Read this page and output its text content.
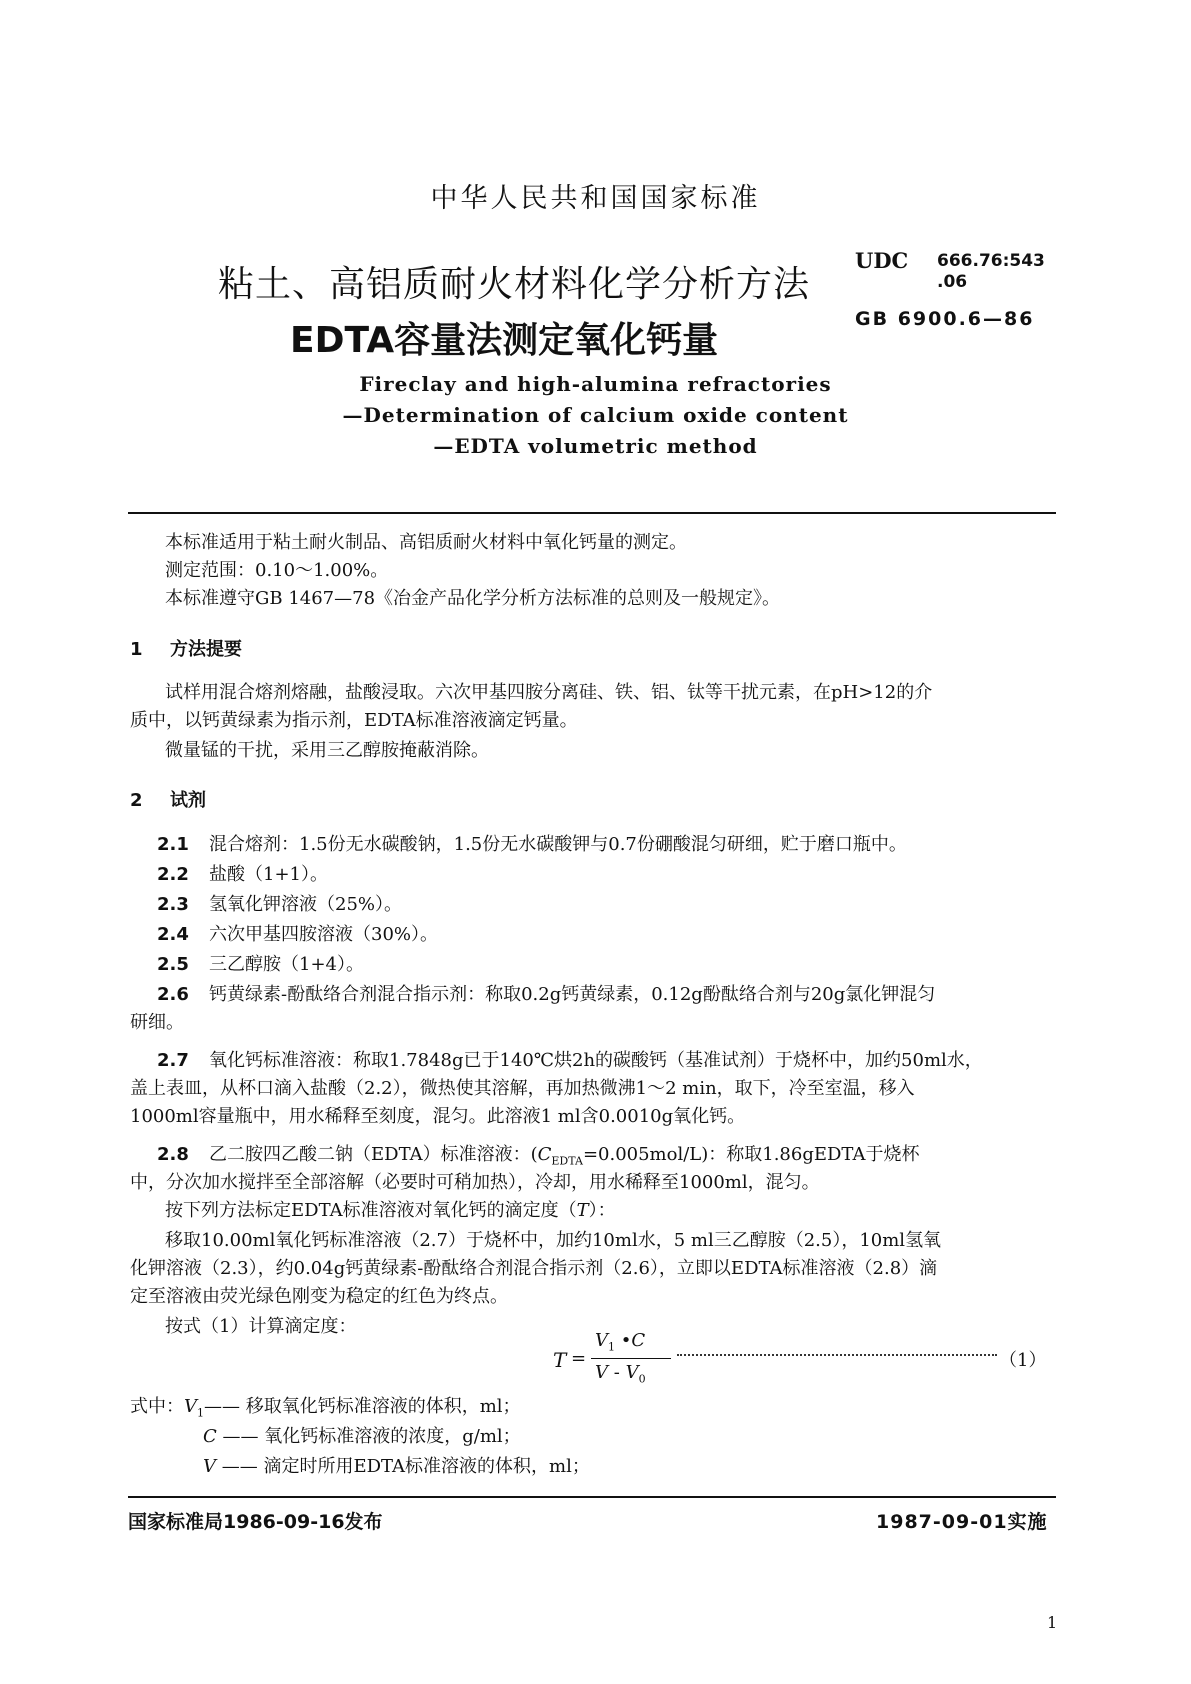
中华人民共和国国家标准
粘土、高铝质耐火材料化学分析方法
EDTA容量法测定氧化钙量
UDC 666.76:543
.06
GB 6900.6—86
Fireclay and high-alumina refractories
—Determination of calcium oxide content
—EDTA volumetric method
本标准适用于粘土耐火制品、高铝质耐火材料中氧化钙量的测定。
测定范围：0.10～1.00%。
本标准遵守GB 1467—78《冶金产品化学分析方法标准的总则及一般规定》。
1 方法提要
试样用混合熔剂熔融，盐酸浸取。六次甲基四胺分离硅、铁、铝、钛等干扰元素，在pH>12的介
质中，以钙黄绿素为指示剂，EDTA标准溶液滴定钙量。
微量锰的干扰，采用三乙醇胺掩蔽消除。
2 试剂
2.1 混合熔剂：1.5份无水碳酸钠，1.5份无水碳酸钾与0.7份硼酸混匀研细，贮于磨口瓶中。
2.2 盐酸（1+1）。
2.3 氢氧化钾溶液（25%）。
2.4 六次甲基四胺溶液（30%）。
2.5 三乙醇胺（1+4）。
2.6 钙黄绿素-酚酞络合剂混合指示剂：称取0.2g钙黄绿素，0.12g酚酞络合剂与20g氯化钾混匀
研细。
2.7 氧化钙标准溶液：称取1.7848g已于140℃烘2h的碳酸钙（基准试剂）于烧杯中，加约50ml水，
盖上表皿，从杯口滴入盐酸（2.2），微热使其溶解，再加热微沸1～2 min，取下，冷至室温，移入
1000ml容量瓶中，用水稀释至刻度，混匀。此溶液1 ml含0.0010g氧化钙。
2.8 乙二胺四乙酸二钠（EDTA）标准溶液：$(C_{EDTA}=0.005mol/L)$：称取1.86gEDTA于烧杯
中，分次加水搅拌至全部溶解（必要时可稍加热），冷却，用水稀释至1000ml，混匀。
按下列方法标定EDTA标准溶液对氧化钙的滴定度（T）：
移取10.00ml氧化钙标准溶液（2.7）于烧杯中，加约10ml水，5 ml三乙醇胺（2.5），10ml氢氧
化钾溶液（2.3），约0.04g钙黄绿素-酚酞络合剂混合指示剂（2.6），立即以EDTA标准溶液（2.8）滴
定至溶液由荧光绿色刚变为稳定的红色为终点。
按式（1）计算滴定度：
T =
$V_1$ •C
V - $V_0$
（1）
式中：$V_1——$ 移取氧化钙标准溶液的体积，ml；
C —— 氧化钙标准溶液的浓度，g/ml；
V —— 滴定时所用EDTA标准溶液的体积，ml；
国家标准局1986-09-16发布	1987-09-01实施
1
